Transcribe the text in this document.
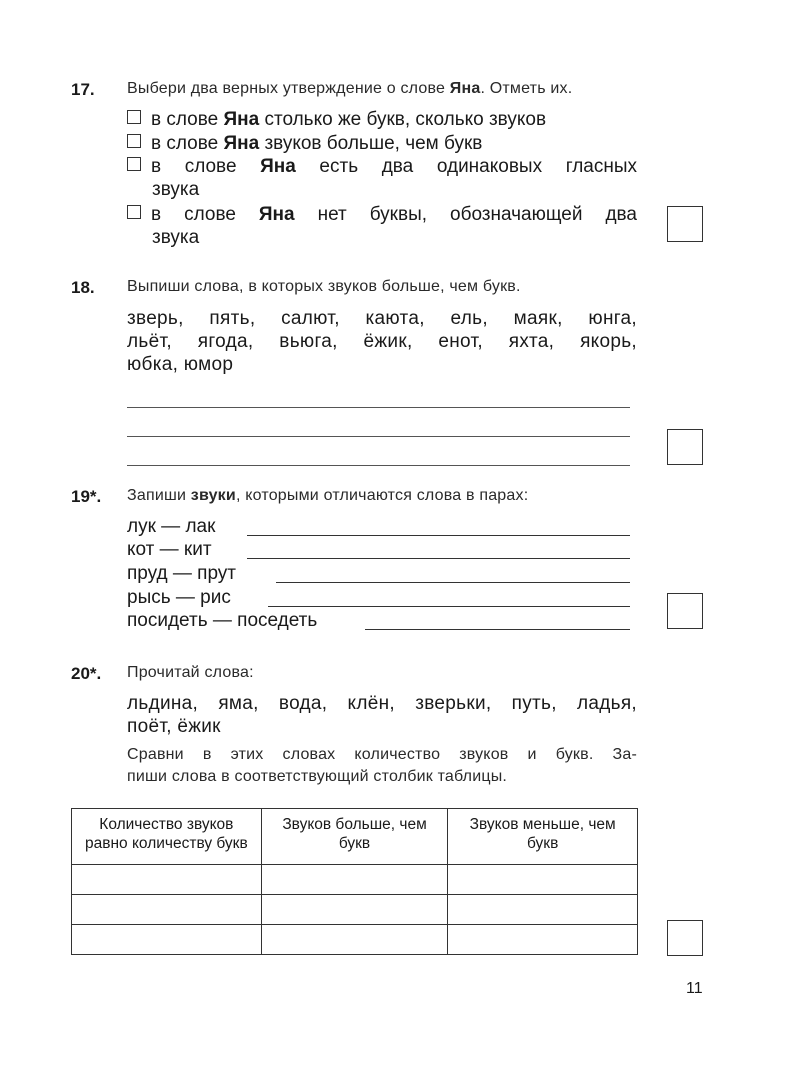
17. Выбери два верных утверждение о слове Яна. Отметь их.
в слове Яна столько же букв, сколько звуков
в слове Яна звуков больше, чем букв
в слове Яна есть два одинаковых гласных
звука
в слове Яна нет буквы, обозначающей два
звука
18. Выпиши слова, в которых звуков больше, чем букв.
зверь, пять, салют, каюта, ель, маяк, юнга,
льёт, ягода, вьюга, ёжик, енот, яхта, якорь,
юбка, юмор
19*. Запиши звуки, которыми отличаются слова в парах:
лук — лак
кот — кит
пруд — прут
рысь — рис
посидеть — поседеть
20*. Прочитай слова:
льдина, яма, вода, клён, зверьки, путь, ладья,
поёт, ёжик
Сравни в этих словах количество звуков и букв. За-
пиши слова в соответствующий столбик таблицы.
Количество звуков равно количеству букв	Звуков больше, чем букв	Звуков меньше, чем букв

11
